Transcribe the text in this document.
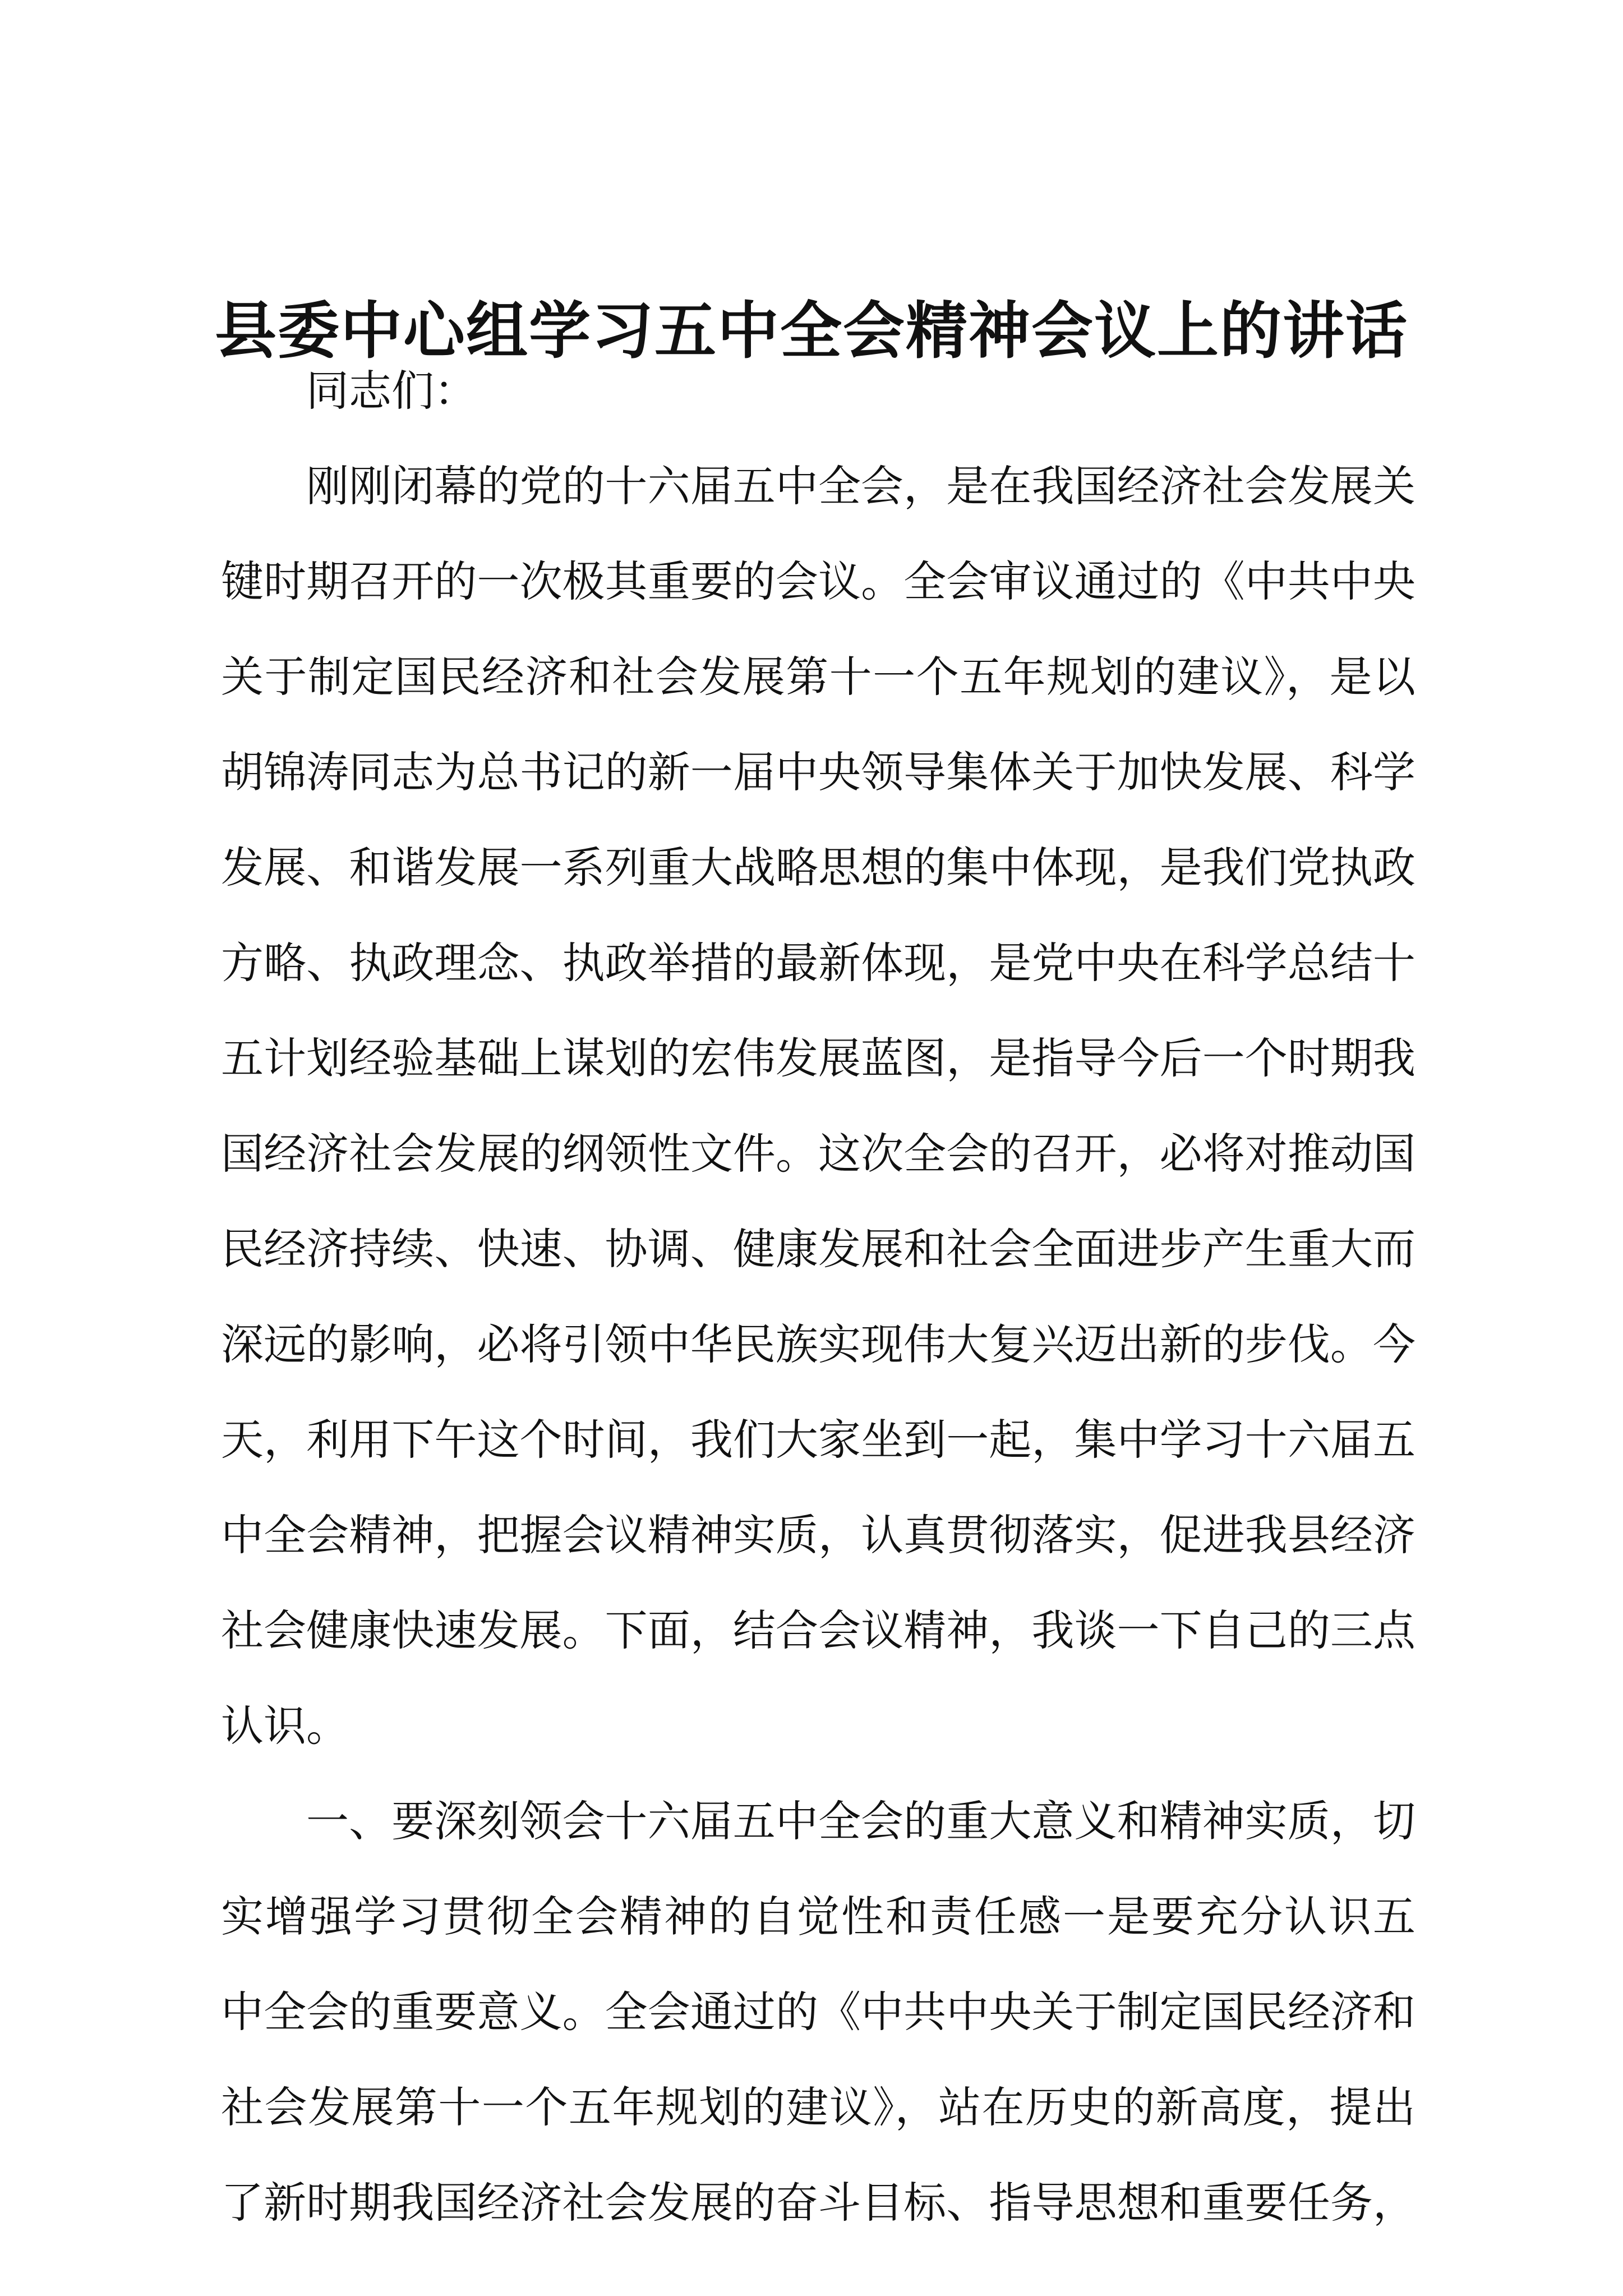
县委中心组学习五中全会精神会议上的讲话
同志们：
刚刚闭幕的党的十六届五中全会，是在我国经济社会发展关
键时期召开的一次极其重要的会议。全会审议通过的《中共中央
关于制定国民经济和社会发展第十一个五年规划的建议》，是以
胡锦涛同志为总书记的新一届中央领导集体关于加快发展、科学
发展、和谐发展一系列重大战略思想的集中体现，是我们党执政
方略、执政理念、执政举措的最新体现，是党中央在科学总结十
五计划经验基础上谋划的宏伟发展蓝图，是指导今后一个时期我
国经济社会发展的纲领性文件。这次全会的召开，必将对推动国
民经济持续、快速、协调、健康发展和社会全面进步产生重大而
深远的影响，必将引领中华民族实现伟大复兴迈出新的步伐。今
天，利用下午这个时间，我们大家坐到一起，集中学习十六届五
中全会精神，把握会议精神实质，认真贯彻落实，促进我县经济
社会健康快速发展。下面，结合会议精神，我谈一下自己的三点
认识。
一、要深刻领会十六届五中全会的重大意义和精神实质，切
实增强学习贯彻全会精神的自觉性和责任感一是要充分认识五
中全会的重要意义。全会通过的《中共中央关于制定国民经济和
社会发展第十一个五年规划的建议》，站在历史的新高度，提出
了新时期我国经济社会发展的奋斗目标、指导思想和重要任务，
